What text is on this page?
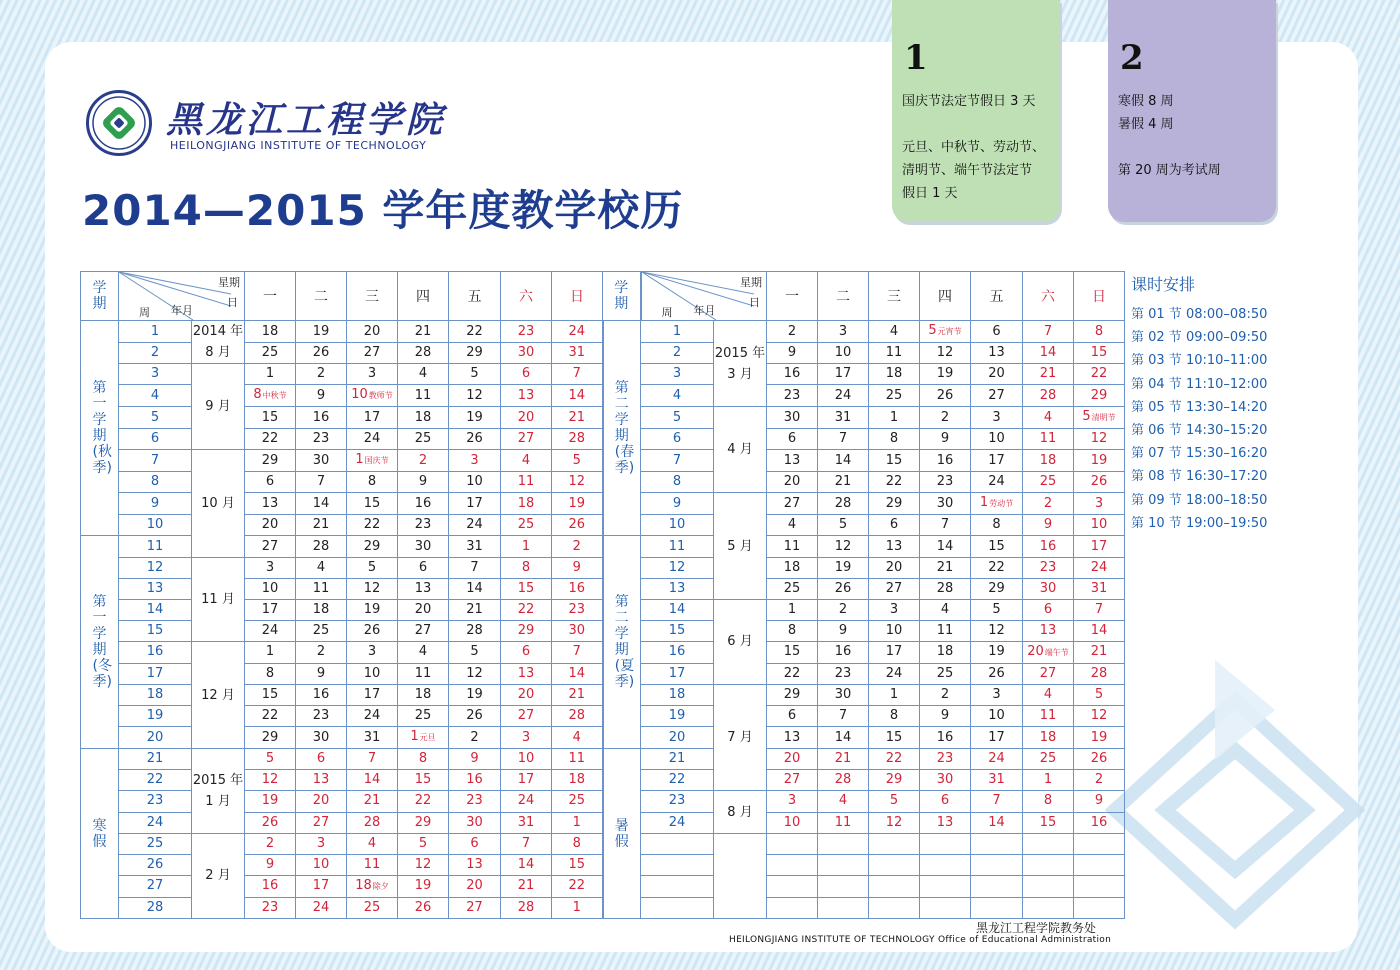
黑龙江工程学院
HEILONGJIANG INSTITUTE OF TECHNOLOGY
2014—2015 学年度教学校历
1

国庆节法定节假日 3 天

元旦、中秋节、劳动节、

清明节、端午节法定节

假日 1 天

2

寒假 8 周

暑假 4 周

第 20 周为考试周

课时安排
第 01 节 08:00–08:50
第 02 节 09:00–09:50
第 03 节 10:10–11:00
第 04 节 11:10–12:00
第 05 节 13:30–14:20
第 06 节 14:30–15:20
第 07 节 15:30–16:20
第 08 节 16:30–17:20
第 09 节 18:00–18:50
第 10 节 19:00–19:50
学期	星期
日
周 年月		一	二	三	四	五	六	日	学期	星期
日
周 年月		一	二	三	四	五	六	日

第一学期(秋季)	1	2014 年 8 月	18	19	20	21	22	23	24	第二学期(春季)	1	2015 年 3 月	2	3	4	5元宵节	6	7	8
	2		25	26	27	28	29	30	31		2		9	10	11	12	13	14	15
	3	9 月	1	2	3	4	5	6	7		3		16	17	18	19	20	21	22
	4		8中秋节	9	10教师节	11	12	13	14		4		23	24	25	26	27	28	29
	5		15	16	17	18	19	20	21		5	4 月	30	31	1	2	3	4	5清明节
	6		22	23	24	25	26	27	28		6		6	7	8	9	10	11	12
	7	10 月	29	30	1国庆节	2	3	4	5		7		13	14	15	16	17	18	19
	8		6	7	8	9	10	11	12		8		20	21	22	23	24	25	26
	9		13	14	15	16	17	18	19		9	5 月	27	28	29	30	1劳动节	2	3
	10		20	21	22	23	24	25	26		10		4	5	6	7	8	9	10

第一学期(冬季)	11		27	28	29	30	31	1	2	第二学期(夏季)	11		11	12	13	14	15	16	17
	12	11 月	3	4	5	6	7	8	9		12		18	19	20	21	22	23	24
	13		10	11	12	13	14	15	16		13		25	26	27	28	29	30	31
	14		17	18	19	20	21	22	23		14	6 月	1	2	3	4	5	6	7
	15		24	25	26	27	28	29	30		15		8	9	10	11	12	13	14
	16	12 月	1	2	3	4	5	6	7		16		15	16	17	18	19	20端午节	21
	17		8	9	10	11	12	13	14		17		22	23	24	25	26	27	28
	18		15	16	17	18	19	20	21		18	7 月	29	30	1	2	3	4	5
	19		22	23	24	25	26	27	28		19		6	7	8	9	10	11	12
	20		29	30	31	1元旦	2	3	4		20		13	14	15	16	17	18	19

寒假	21	2015 年 1 月	5	6	7	8	9	10	11	暑假	21		20	21	22	23	24	25	26
	22		12	13	14	15	16	17	18		22		27	28	29	30	31	1	2
	23		19	20	21	22	23	24	25		23	8 月	3	4	5	6	7	8	9
	24		26	27	28	29	30	31	1		24		10	11	12	13	14	15	16
	25	2 月	2	3	4	5	6	7	8										
	26		9	10	11	12	13	14	15										
	27		16	17	18除夕	19	20	21	22										
	28		23	24	25	26	27	28	1										
黑龙江工程学院教务处
HEILONGJIANG INSTITUTE OF TECHNOLOGY Office of Educational Administration
